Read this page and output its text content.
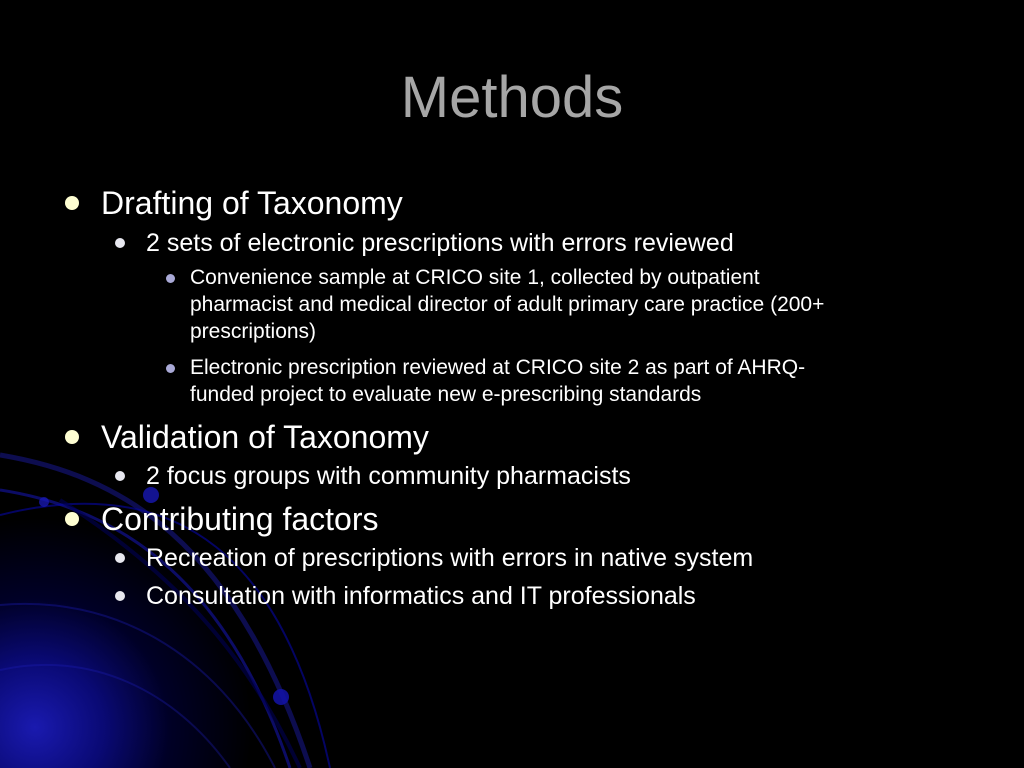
Methods
Drafting of Taxonomy
2 sets of electronic prescriptions with errors reviewed
Convenience sample at CRICO site 1, collected by outpatient
pharmacist and medical director of adult primary care practice (200+
prescriptions)
Electronic prescription reviewed at CRICO site 2 as part of AHRQ-
funded project to evaluate new e-prescribing standards
Validation of Taxonomy
2 focus groups with community pharmacists
Contributing factors
Recreation of prescriptions with errors in native system
Consultation with informatics and IT professionals
